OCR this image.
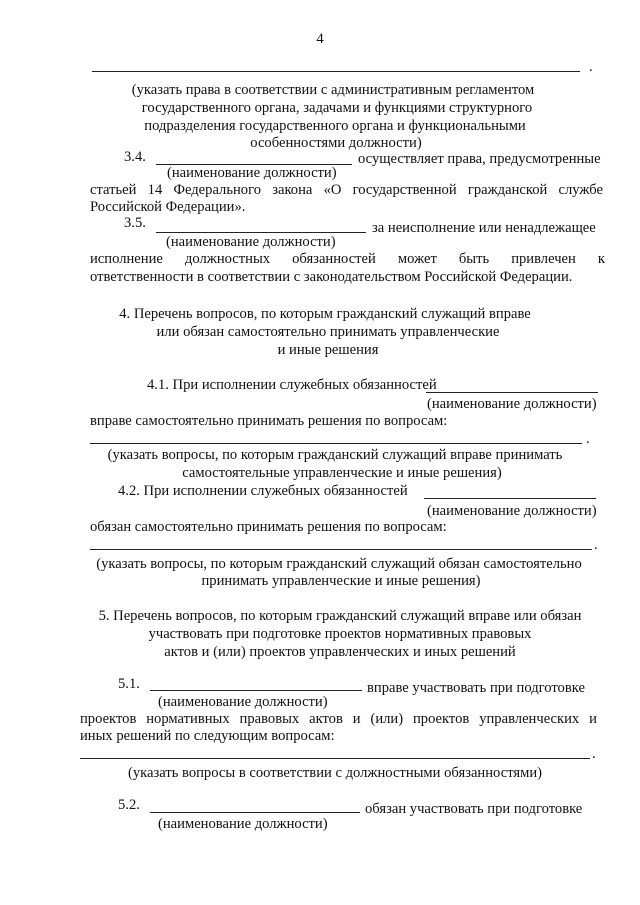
4
.
(указать права в соответствии с административным регламентом
государственного органа, задачами и функциями структурного
подразделения государственного органа и функциональными
особенностями должности)
3.4.	осуществляет права, предусмотренные
(наименование должности)
статьей 14 Федерального закона «О государственной гражданской службе
Российской Федерации».
3.5.	за неисполнение или ненадлежащее
(наименование должности)
исполнение должностных обязанностей может быть привлечен к
ответственности в соответствии с законодательством Российской Федерации.
4. Перечень вопросов, по которым гражданский служащий вправе
или обязан самостоятельно принимать управленческие
и иные решения
4.1. При исполнении служебных обязанностей
(наименование должности)
вправе самостоятельно принимать решения по вопросам:
.
(указать вопросы, по которым гражданский служащий вправе принимать
самостоятельные управленческие и иные решения)
4.2. При исполнении служебных обязанностей
(наименование должности)
обязан самостоятельно принимать решения по вопросам:
.
(указать вопросы, по которым гражданский служащий обязан самостоятельно
принимать управленческие и иные решения)
5. Перечень вопросов, по которым гражданский служащий вправе или обязан
участвовать при подготовке проектов нормативных правовых
актов и (или) проектов управленческих и иных решений
5.1.	вправе участвовать при подготовке
(наименование должности)
проектов нормативных правовых актов и (или) проектов управленческих и
иных решений по следующим вопросам:
.
(указать вопросы в соответствии с должностными обязанностями)
5.2.	обязан участвовать при подготовке
(наименование должности)
